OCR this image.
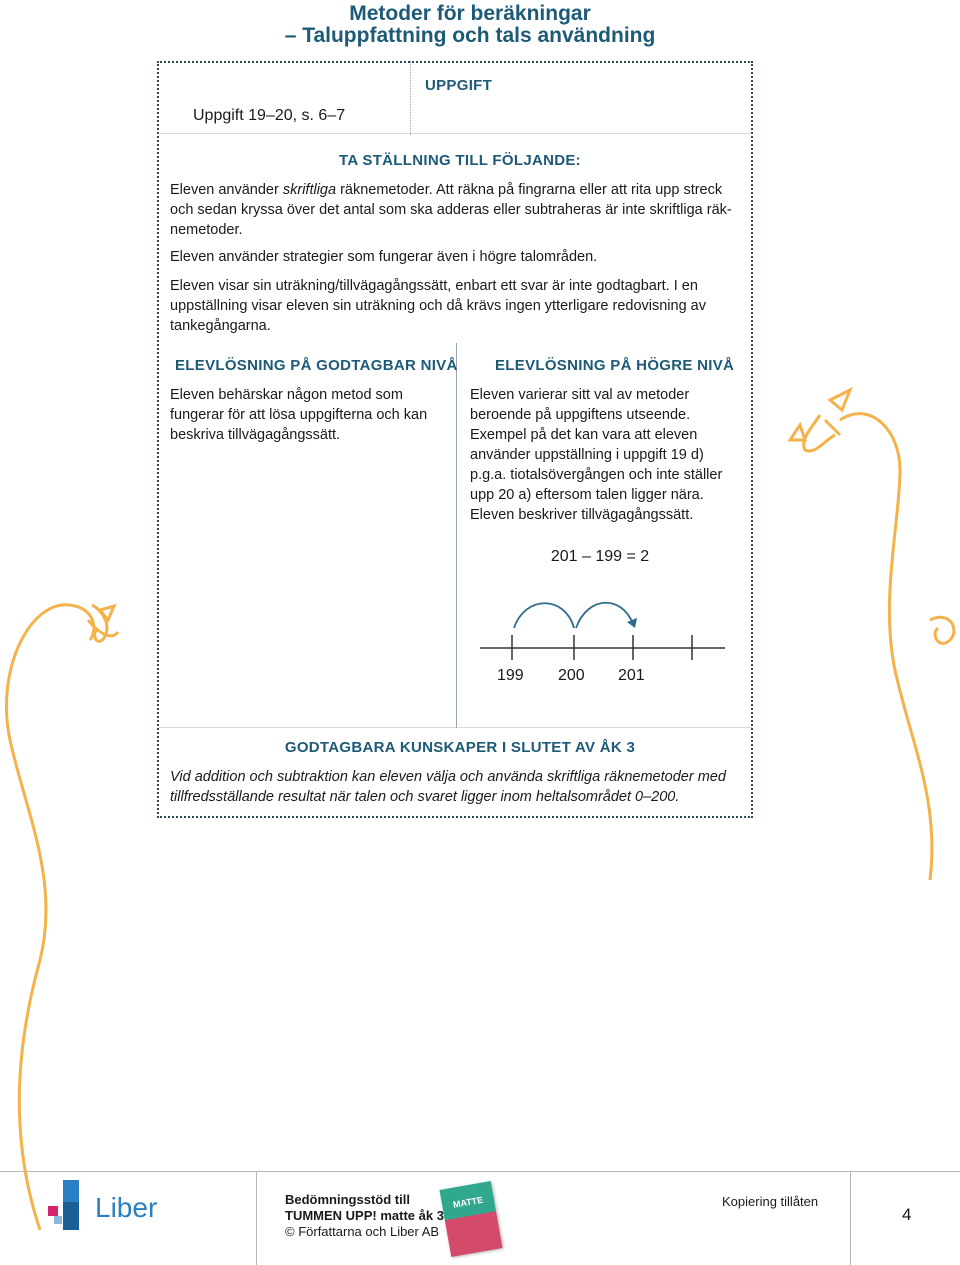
Metoder för beräkningar
– Taluppfattning och tals användning
Uppgift 19–20, s. 6–7
UPPGIFT
TA STÄLLNING TILL FÖLJANDE:
Eleven använder skriftliga räknemetoder. Att räkna på fingrarna eller att rita upp streck och sedan kryssa över det antal som ska adderas eller subtraheras är inte skriftliga räk-nemetoder.
Eleven använder strategier som fungerar även i högre talområden.
Eleven visar sin uträkning/tillvägagångssätt, enbart ett svar är inte godtagbart. I en uppställning visar eleven sin uträkning och då krävs ingen ytterligare redovisning av tankegångarna.
ELEVLÖSNING PÅ GODTAGBAR NIVÅ
Eleven behärskar någon metod som fungerar för att lösa uppgifterna och kan beskriva tillvägagångssätt.
ELEVLÖSNING PÅ HÖGRE NIVÅ
Eleven varierar sitt val av metoder beroende på uppgiftens utseende. Exempel på det kan vara att eleven använder uppställning i uppgift 19 d) p.g.a. tiotalsövergången och inte ställer upp 20 a) eftersom talen ligger nära. Eleven beskriver tillvägagångssätt.
201 – 199 = 2
199 200 201
GODTAGBARA KUNSKAPER I SLUTET AV ÅK 3
Vid addition och subtraktion kan eleven välja och använda skriftliga räknemetoder med tillfredsställande resultat när talen och svaret ligger inom heltalsområdet 0–200.
Liber	Bedömningsstöd till
TUMMEN UPP! matte åk 3
© Författarna och Liber AB
MATTE	Kopiering tillåten
4
